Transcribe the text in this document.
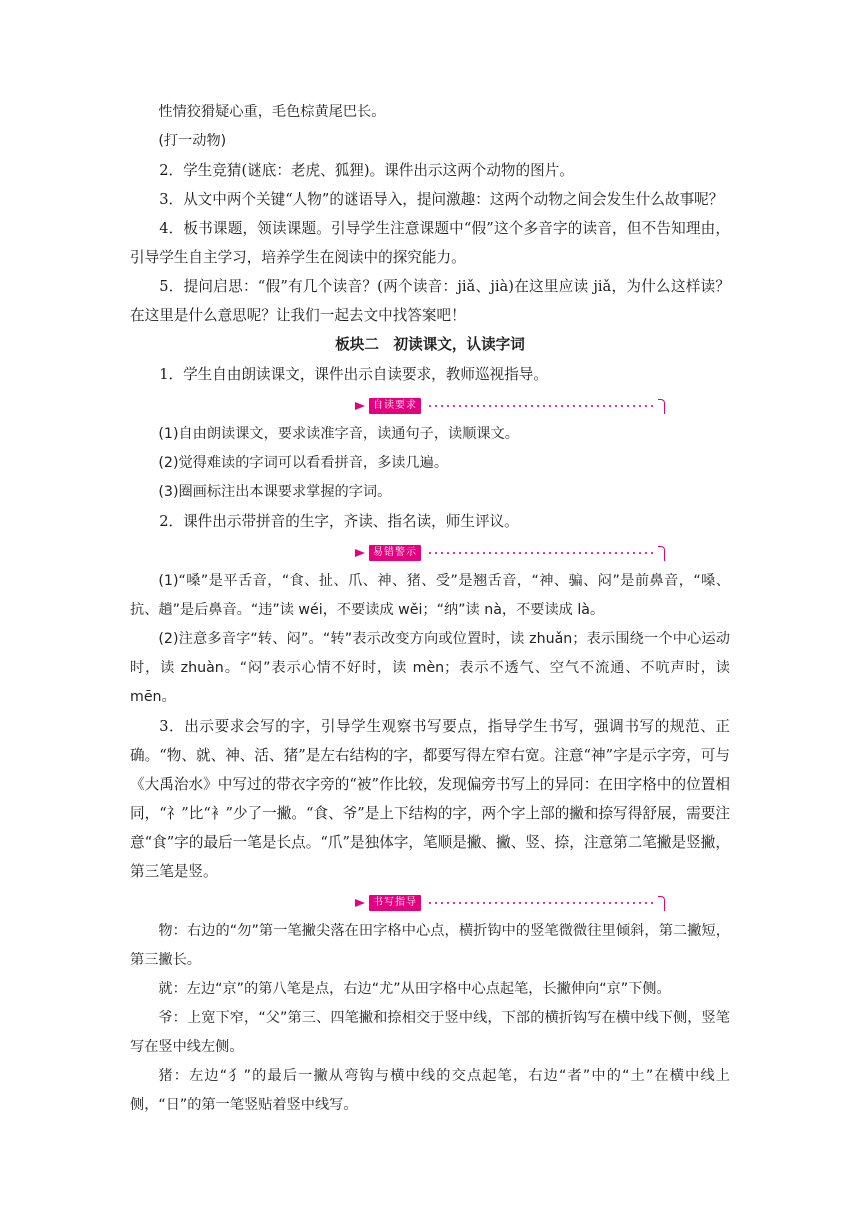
性情狡猾疑心重，毛色棕黄尾巴长。

(打一动物)

2．学生竞猜(谜底：老虎、狐狸)。课件出示这两个动物的图片。

3．从文中两个关键“人物”的谜语导入，提问激趣：这两个动物之间会发生什么故事呢？

4．板书课题，领读课题。引导学生注意课题中“假”这个多音字的读音，但不告知理由，引导学生自主学习，培养学生在阅读中的探究能力。

5．提问启思：“假”有几个读音？(两个读音：jiǎ、jià)在这里应读 jiǎ，为什么这样读？在这里是什么意思呢？让我们一起去文中找答案吧！

板块二　初读课文，认读字词

1．学生自由朗读课文，课件出示自读要求，教师巡视指导。

自读要求

(1)自由朗读课文，要求读准字音，读通句子，读顺课文。

(2)觉得难读的字词可以看看拼音，多读几遍。

(3)圈画标注出本课要求掌握的字词。

2．课件出示带拼音的生字，齐读、指名读，师生评议。

易错警示

(1)“嗓”是平舌音，“食、扯、爪、神、猪、受”是翘舌音，“神、骗、闷”是前鼻音，“嗓、抗、趟”是后鼻音。“违”读 wéi，不要读成 wěi；“纳”读 nà，不要读成 là。

(2)注意多音字“转、闷”。“转”表示改变方向或位置时，读 zhuǎn；表示围绕一个中心运动时，读 zhuàn。“闷”表示心情不好时，读 mèn；表示不透气、空气不流通、不吭声时，读 mēn。

3．出示要求会写的字，引导学生观察书写要点，指导学生书写，强调书写的规范、正确。“物、就、神、活、猪”是左右结构的字，都要写得左窄右宽。注意“神”字是示字旁，可与《大禹治水》中写过的带衣字旁的“被”作比较，发现偏旁书写上的异同：在田字格中的位置相同，“礻”比“衤”少了一撇。“食、爷”是上下结构的字，两个字上部的撇和捺写得舒展，需要注意“食”字的最后一笔是长点。“爪”是独体字，笔顺是撇、撇、竖、捺，注意第二笔撇是竖撇，第三笔是竖。

书写指导

物：右边的“勿”第一笔撇尖落在田字格中心点，横折钩中的竖笔微微往里倾斜，第二撇短，第三撇长。

就：左边“京”的第八笔是点，右边“尤”从田字格中心点起笔，长撇伸向“京”下侧。

爷：上宽下窄，“父”第三、四笔撇和捺相交于竖中线，下部的横折钩写在横中线下侧，竖笔写在竖中线左侧。

猪：左边“犭”的最后一撇从弯钩与横中线的交点起笔，右边“者”中的“土”在横中线上侧，“日”的第一笔竖贴着竖中线写。
